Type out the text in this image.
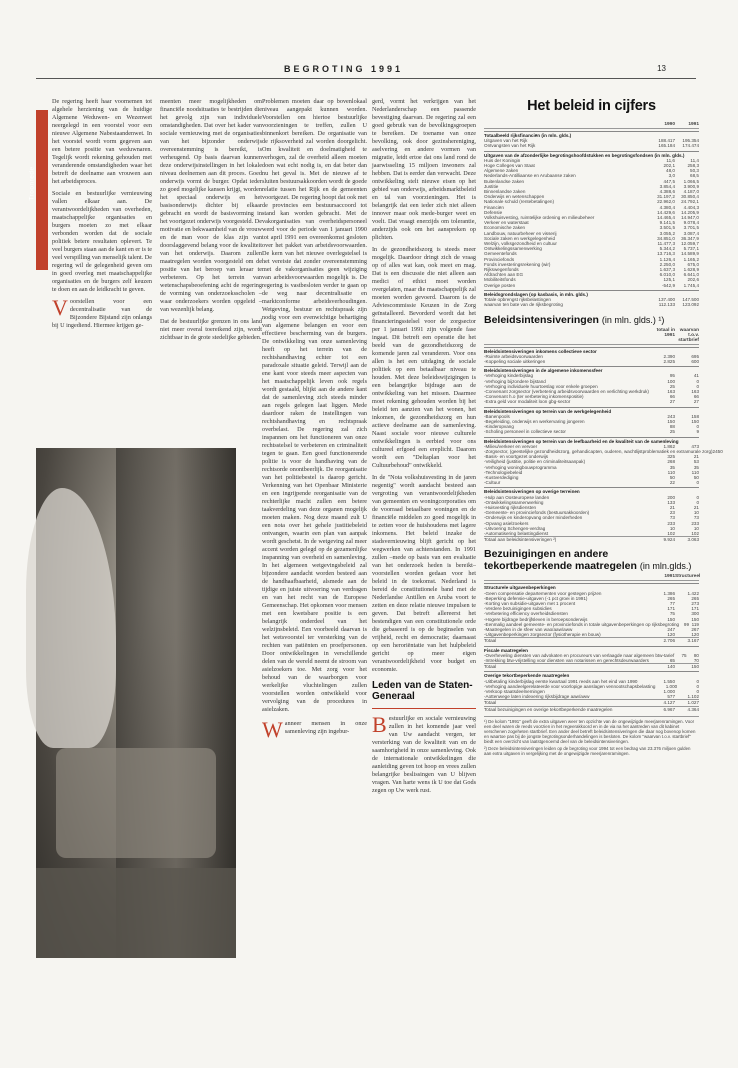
BEGROTING 1991	13
Troonrede

De regering heeft haar voornemen tot algehele herziening van de huidige Algemene Weduwen- en Wezenwet neergelegd in een voorstel voor een nieuwe Algemene Nabestaandenwet. In het voorstel wordt vorm gegeven aan een betere positie van weduwnaren. Tegelijk wordt rekening gehouden met veranderende omstandigheden waar het betreft de deelname aan vrouwen aan het arbeidsproces.

Sociale en bestuurlijke vernieuwing vallen elkaar aan. De verantwoordelijkheden van overheden, maatschappelijke organisaties en burgers moeten zo met elkaar verbonden worden dat de sociale politiek betere resultaten oplevert. Te veel burgers staan aan de kant en er is te veel verspilling van menselijk talent. De regering wil de gelegenheid geven om in goed overleg met maatschappelijke organisaties en de burgers zelf keuzen te doen en aan de leidkracht te geven.

Voorstellen voor een decentralisatie van de Bijzondere Bijstand zijn onlangs bij U ingediend. Hiermee krijgen ge-

meenten meer mogelijkheden om financiële noodsituaties te bestrijden die het gevolg zijn van individuele omstandigheden. Dat over het kader van sociale vernieuwing met de organisaties van het bijzonder onderwijs overeenstemming is bereikt, is verheugend. Op basis daarvan kunnen deze onderwijsinstellingen in het lokale niveau deelnemen aan dit proces. Goed onderwijs vormt de burger. Opdat ieder zo goed mogelijke kansen krijgt, worden het speciaal onderwijs en het basisonderwijs dichter bij elkaar gebracht en wordt de basisvorming in het voortgezet onderwijs voorgesteld. De motivatie en bekwaamheid van de vrouw en de man voor de klas zijn van doorslaggevend belang voor de kwaliteit van het onderwijs. Daarom zullen maatregelen worden voorgesteld om de positie van het beroep van leraar te verbeteren. Op het terrein van wetenschapsbeoefening acht de regering de vorming van onderzoeksscholen – waar onderzoekers worden opgeleid – van wezenlijk belang.

Dat de bestuurlijke grenzen in ons land niet meer overal toereikend zijn, wordt zichtbaar in de grote stedelijke gebieden.

Problemen moeten daar op bovenlokaal niveau aangepakt kunnen worden. Voorstellen om hiertoe bestuurlijke voorzieningen te treffen, zullen U binnenkort bereiken. De organisatie van de rijksoverheid zal worden doorgelicht. Om kwaliteit en doelmatigheid te verhogen, zal de overheid alleen moeten doen wat echt nodig is, en dat beter dan nu het geval is. Met de nieuwe af te sluiten bestuursakkoorden wordt de goede relatie tussen het Rijk en de gemeenten voortgezet. De regering hoopt dat ook met de provincies een bestuursaccoord tot stand kan worden gebracht. Met de vakorganisaties van overheidspersoneel werd voor de periode van 1 januari 1990 tot april 1991 een overeenkomst gesloten over het pakket van arbeidsvoorwaarden. De kern van het nieuwe overlegstelsel is het vereiste dat zonder overeenstemming met de vakorganisaties geen wijziging van arbeidsvoorwaarden mogelijk is. De regering is vastbesloten verder te gaan op de weg naar decentralisatie en marktconforme arbeidsverhoudingen. Wetgeving, bestuur en rechtspraak zijn nodig voor een evenwichtige behartiging van algemene belangen en voor een effectieve bescherming van de burgers. De ontwikkeling van onze samenleving heeft op het terrein van de rechtshandhaving echter tot een paradoxale situatie geleid. Terwijl aan de ene kant voor steeds meer aspecten van het maatschappelijk leven ook regels wordt gestaald, blijkt aan de andere kant dat de samenleving zich steeds minder aan regels gelegen laat liggen. Mede daardoor raken de instellingen van rechtshandhaving en rechtspraak overbelast. De regering zal zich inspannen om het functioneren van onze rechtsstelsel te verbeteren en criminaliteit tegen te gaan. Een goed functionerende politie is voor de handhaving van de rechtsorde onontbeerlijk. De reorganisatie van het politiebestel is daarop gericht. Verkenning van het Openbaar Ministerie en een ingrijpende reorganisatie van de rechterlijke macht zullen een betere taakverdeling van deze organen mogelijk moeten maken. Nog deze maand zult U een nota over het gehele justitiebeleid ontvangen, waarin een plan van aanpak wordt geschetst. In de wetgeving zal meer accent worden gelegd op de gezamenlijke inspanning van overheid en samenleving. In het algemeen wetgevingsbeleid zal bijzondere aandacht worden besteed aan de handhaafbaarheid, alsmede aan de tijdige en juiste uitvoering van verdragen en van het recht van de Europese Gemeenschap. Het opkomen voor mensen met een kwetsbare positie is een belangrijk onderdeel van het welzijnsbeleid. Een voorbeeld daarvan is het wetsvoorstel ter versterking van de rechten van patiënten en proefpersonen. Door ontwikkelingen in verschillende delen van de wereld neemt de stroom van asielzoekers toe. Met zorg voor het behoud van de waarborgen voor werkelijke vluchtelingen zullen voorstellen worden ontwikkeld voor vervolging van de procedures in asielzaken.

Wanneer mensen in onze samenleving zijn ingebur-

gerd, vormt het verkrijgen van het Nederlanderschap een passende bevestiging daarvan. De regering zal een goed gebruik van de bevolkingsgroepen te bereiken. De toename van onze bevolking, ook door gezinshereniging, aselvering en andere vormen van migratie, leidt ertoe dat ons land rond de jaarwisseling 15 miljoen inwoners zal hebben. Dat is eerder dan verwacht. Deze ontwikkeling stelt nieuwe eisen op het gebied van onderwijs, arbeidsmarktbeleid en tal van voorzieningen. Het is belangrijk dat een ieder zich niet alleen innover maar ook mede-burger weet en voelt. Dat vraagt enerzijds om tolerantie, anderzijds ook om het aanspreken op plichten.

In de gezondheidszorg is steeds meer mogelijk. Daardoor dringt zich de vraag op of alles wat kan, ook meet en mag. Dat is een discussie die niet alleen aan medici of ethici moet worden overgelaten, maar die maatschappelijk zal moeten worden gevoerd. Daarom is de Adviescommissie Keuzen in de Zorg geïnstalleerd. Bevorderd wordt dat het financieringsstelsel voor de zorgsector per 1 januari 1991 zijn volgende fase ingaat. Dit betreft een operatie die het beeld van de gezondheidszorg de komende jaren zal veranderen. Voor ons allen is het een uitdaging de sociale politiek op een betaalbaar niveau te houden. Met deze beleidswijzigingen is een belangrijke bijdrage aan de ontwikkeling van het missen. Daarmee moet rekening gehouden worden bij het beleid ten aanzien van het wonen, het inkomen, de gezondheidszorg en hun actieve deelname aan de samenleving. Naast sociale voor nieuwe culturele ontwikkelingen is eerbied voor ons cultureel erfgoed een erepliсht. Daarom wordt een "Deltaplan voor het Cultuurbehoud" ontwikkeld.

In de "Nota volkshuisvesting in de jaren negentig" wordt aandacht besteed aan vergroting van verantwoordelijkheden van gemeenten en woningcorporaties om de voorraad betaalbare woningen en de financiële middelen zo goed mogelijk in te zetten voor de huishoudens met lagere inkomens. Het beleid inzake de stadsvernieuwing blijft gericht op het wegwerken van achterstanden. In 1991 zullen –mede op basis van een evaluatie van het onderzoek heden is bereikt– voorstellen worden gedaan voor het beleid in de toekomst. Nederland is bereid de constitutionele band met de Nederlandse Antillen en Aruba voort te zetten en deze relatie nieuwe impulsen te geven. Dat betreft allereerst het bestendigen van een constitutionele orde die gebaseerd is op de beginselen van vrijheid, recht en democratie; daarnaast op een heroriëntatie van het hulpbeleid gericht op meer eigen verantwoordelijkheid voor budget en economie.

Leden van de Staten-Generaal

Bestuurlijke en sociale vernieuwing zullen in het komende jaar veel van Uw aandacht vergen, ter versterking van de kwaliteit van en de saamhorigheid in onze samenleving. Ook de internationale ontwikkelingen die aanleiding geven tot hoop en vrees zullen belangrijke beslissingen van U blijven vragen. Van harte wens ik U toe dat Gods zegen op Uw werk rust.

Het beleid in cijfers
1990	1991
Totaalbeeld rijksfinanciën (in mln. glds.)
Uitgaven van het Rijk	188.417	195.354
Ontvangsten van het Rijk	165.184	174.474
Uitgaven van de afzonderlijke begrotingshoofdstukken en begrotingsfondsen (in mln. glds.)
Huis der Koningin	11,6	11,4
Hoge Colleges van Staat	202,1	258,3
Algemene zaken	48,0	50,3
Nederlands-Antilliaanse en Arubaanse zaken	3,0	68,5
Buitenlandse zaken	447,5	1.066,5
Justitie	3.854,4	3.900,9
Binnenlandse zaken	4.388,6	4.187,0
Onderwijs en wetenschappen	31.197,2	30.850,4
Nationale schuld (rentebetalingen)	22.962,0	24.792,1
Financiën	4.380,4	4.404,3
Defensie	14.429,6	14.205,9
Volkshuisvesting, ruimtelijke ordening en milieubeheer	14.465,4	14.947,0
Verkeer en waterstaat	9.141,5	9.078,4
Economische zaken	3.501,5	3.701,5
Landbouw, natuurbeheer en visserij	3.055,2	3.087,4
Sociale zaken en werkgelegenheid	34.851,0	36.347,9
Welzijn, volksgezondheid en cultuur	11.477,3	12.059,7
Ontwikkelingssamenwerking	5.344,2	5.737,1
Gemeentefonds	13.716,3	14.589,9
Provinciefonds	1.126,4	1.165,2
Fonds investeringsrekening (wir)	2.250,0	675,0
Rijkswegenfonds	1.637,3	1.628,9
Afdrachten aan EG	6.010,0	6.641,0
Mobiliteitsfonds	125,1	202,6
Overige posten	-542,9	1.745,4
Beleidsgrondslagen (op kasbasis, in mln. glds.)
Totale opbrengst rijksbelastingen	137.400	147.500
waarvan ten bate van de rijksbegroting	112.133	123.092
Beleidsintensiveringen (in mln. glds.) ¹)
totaal in 1991
waarvan t.o.v. startbrief
Beleidsintensiveringen inkomens collectieve sector
-Ruimte arbeidsvoorwaarden	2.390	695
-Koppeling sociale uitkeringen	2.825	600
Beleidsintensiveringen in de algemene inkomenssfeer
-Verhoging kinderbijslag	95	41
-Verhoging bijzondere bijstand	100	0
-Verhoging individuele huurtoeslag voor enkele groepen	25	0
-Convenant zorgsector (verbetering arbeidsvoorwaarden en verlichting werkdruk)	163	163
-Convenant h.o (ter verbetering inkomenspositie)	66	66
-Extra geld voor modaliteit loon gbg-sector	27	27
Beleidsintensiveringen op terrein van de werkgelegenheid
-Banenpools	243	158
-Begeleiding, onderwijs en werkervaring jongeren	150	150
-Kinderopvang	88	0
-Scholing personeel in collectieve sector	25	9
Beleidsintensiveringen op terrein van de leefbaarheid en de kwaliteit van de samenleving
-Milieu/verkeer en vervoer	1.862	473
-Zorgsector, (geestelijke gezondheidszorg, gehandicapten, ouderen, wachtlijstproblematiek en extramurale zorg) 245 0
-Basis- en voortgezet onderwijs	325	21
-Veiligheid (justitie, politie en criminaliteitsaanpak)	268	53
-Verhoging woningbouwprogramma	35	35
-Technologiebeleid	110	110
-Kustverdediging	50	50
-Cultuur	22	0
Beleidsintensiveringen op overige terreinen
-Hulp aan Oosteuropese landen	200	0
-Ontwikkelingssamenwerking	133	0
-Huisvesting rijksdiensten	21	21
-Gemeente- en provinciefonds (bestuursakkoorden)	23	10
-Onderwijs en kinderopvang onder minderheden	73	73
-Opvang asielzoekers	233	233
-Uitvoering Schengen-verdrag	10	10
-Automatisering belastingdienst	102	102
Totaal aan beleidsintensiveringen ²)	9.924	3.063
Bezuinigingen en andere tekortbeperkende maatregelen (in mln.glds.)
1991 Structureel
Structurele uitgavenbeperkingen
-Geen compensatie departementen voor gestegen prijzen	1.386	1.422
-Beperking defensie-uitgaven (-1 pct groei in 1991)	265	265
-Korting van subsidie-uitgaven met 1 procent	77	273
-Verdere bezuinigingen subsidies	171	171
-Verbetering efficiency overheidsdiensten	75	300
-Hogere bijdrage bedrijfsleven in beroepsonderwijs	150	150
-Eenmalig aandeel gemeente- en provinciefonds in totale uitgavenbeperkingen op rijksbegroting	99 119
-Maatregelen in de sfeer van wao/aaw/aww	247	267
-Uitgavenbeperkingen zorgsector (fysiotherapie en bouw)	120	120
Totaal	2.706	3.167
Fiscale maatregelen
-Overheveling diensten van advokaten en procureurs van verlaagde naar algemeen btw-tarief	75	80
-Intrekking btw-vrijstelling voor diensten van notarissen en gerechtsdeurwaarders	65	70
Totaal	140	150
Overige tekortbeperkende maatregelen
-Uitbetaling kinderbijslag eerste kwartaal 1991 reeds aan het eind van 1990	1.550	0
-Verhoging aandeelgerelateerde voor voorlopige aanslagen vennootschapsbelasting	1.000	0
-Verkoop staatsdeelnemingen	1.000	0
-Aottenwege laten indexering rijksbijdrage aaw/aww	577	1.102
Totaal	4.127	1.027
Totaal bezuinigingen en overige tekortbeperkende maatregelen	6.967	4.364

¹) De kolom "1991" geeft de extra uitgaven weer ten opzichte van de ongewijzigde meerjarenramingen. Voor een deel waren de reeds voorzien in het regeerakkoord en in de via na het aantreden van dit kabinet verschenen zogeheten startbrief. Een ander deel betreft beleidsintensiveringen die daar nog bovenop komen en waartoe pas bij de jongste begrotingsonderhandelingen is besloten. De kolom "waarvan t.o.v. startbrief" biedt een overzicht van laatstgenoemd deel van de beleidsintensiveringen.

²) Deze beleidsintensiveringen leiden op de begroting voor 1994 tot een bedrag van 23.376 miljoen gulden aan extra uitgaven in vergelijking met de ongewijzigde meerjarenramingen.
